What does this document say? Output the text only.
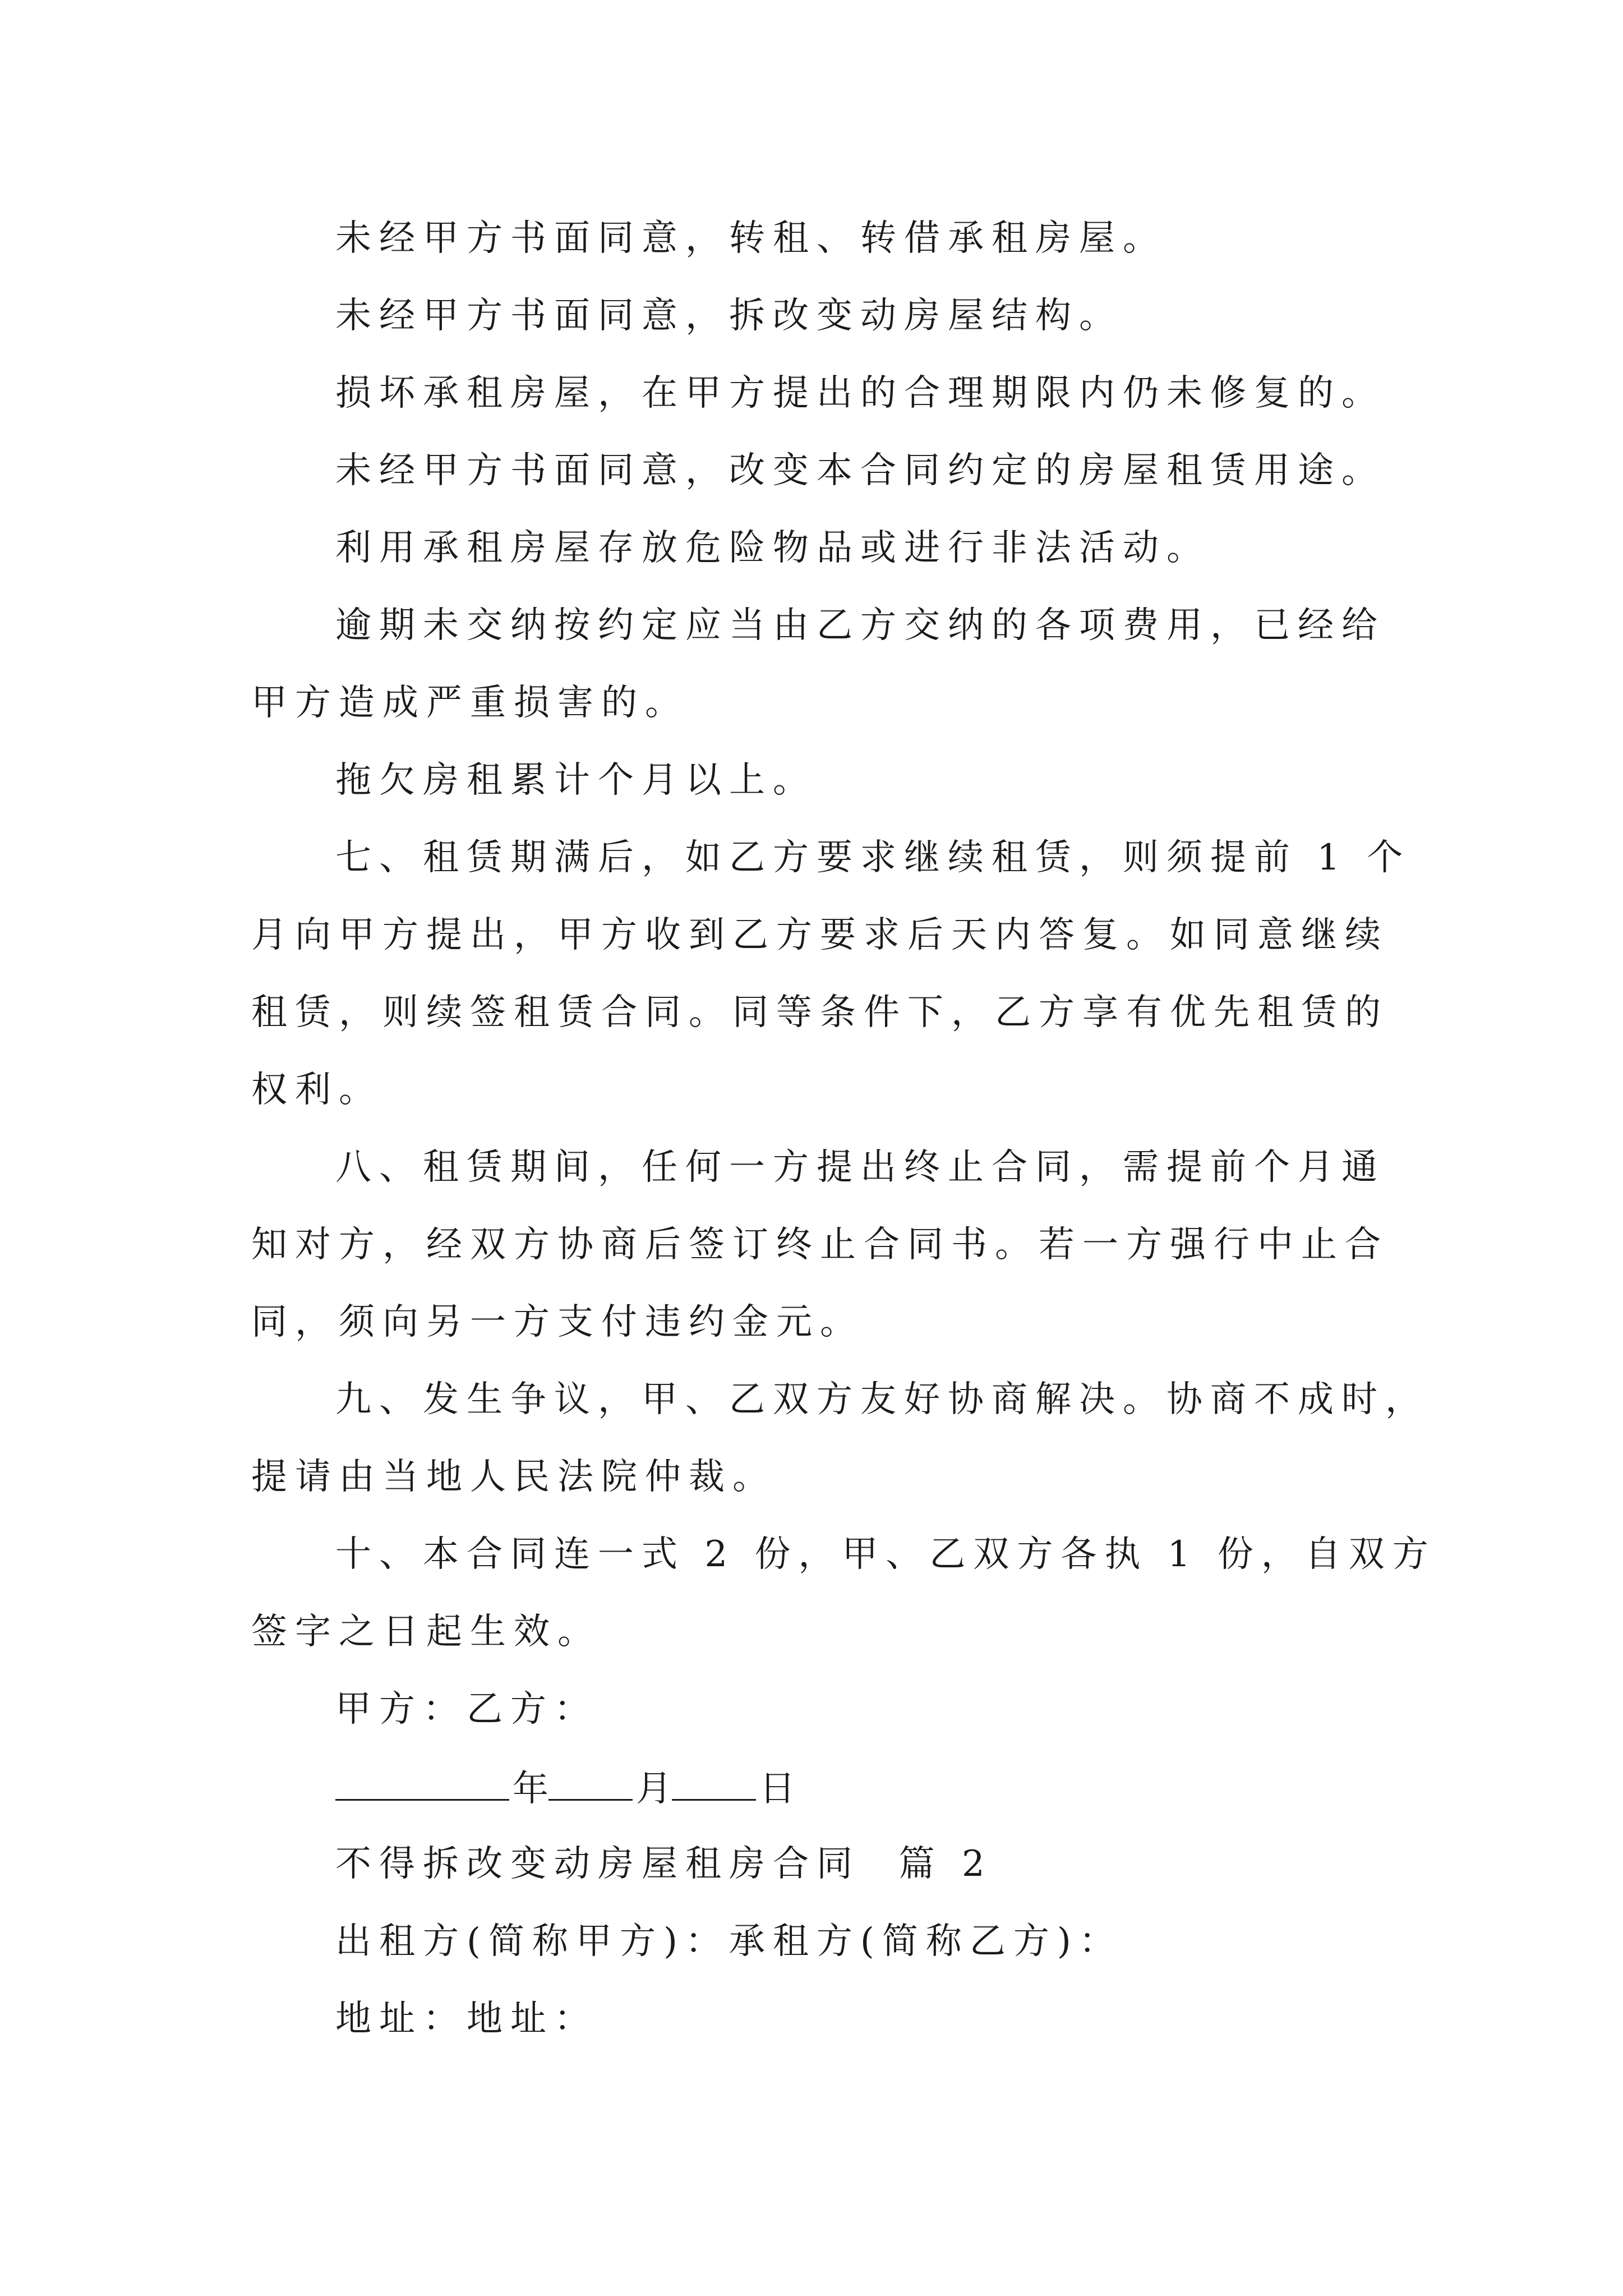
未经甲方书面同意，转租、转借承租房屋。
未经甲方书面同意，拆改变动房屋结构。
损坏承租房屋，在甲方提出的合理期限内仍未修复的。
未经甲方书面同意，改变本合同约定的房屋租赁用途。
利用承租房屋存放危险物品或进行非法活动。
逾期未交纳按约定应当由乙方交纳的各项费用，已经给
甲方造成严重损害的。
拖欠房租累计个月以上。
七、租赁期满后，如乙方要求继续租赁，则须提前 1 个
月向甲方提出，甲方收到乙方要求后天内答复。如同意继续
租赁，则续签租赁合同。同等条件下，乙方享有优先租赁的
权利。
八、租赁期间，任何一方提出终止合同，需提前个月通
知对方，经双方协商后签订终止合同书。若一方强行中止合
同，须向另一方支付违约金元。
九、发生争议，甲、乙双方友好协商解决。协商不成时，
提请由当地人民法院仲裁。
十、本合同连一式 2 份，甲、乙双方各执 1 份，自双方
签字之日起生效。
甲方：乙方：
年 月 日
不得拆改变动房屋租房合同  篇 2
出租方(简称甲方)：承租方(简称乙方)：
地址：地址：
